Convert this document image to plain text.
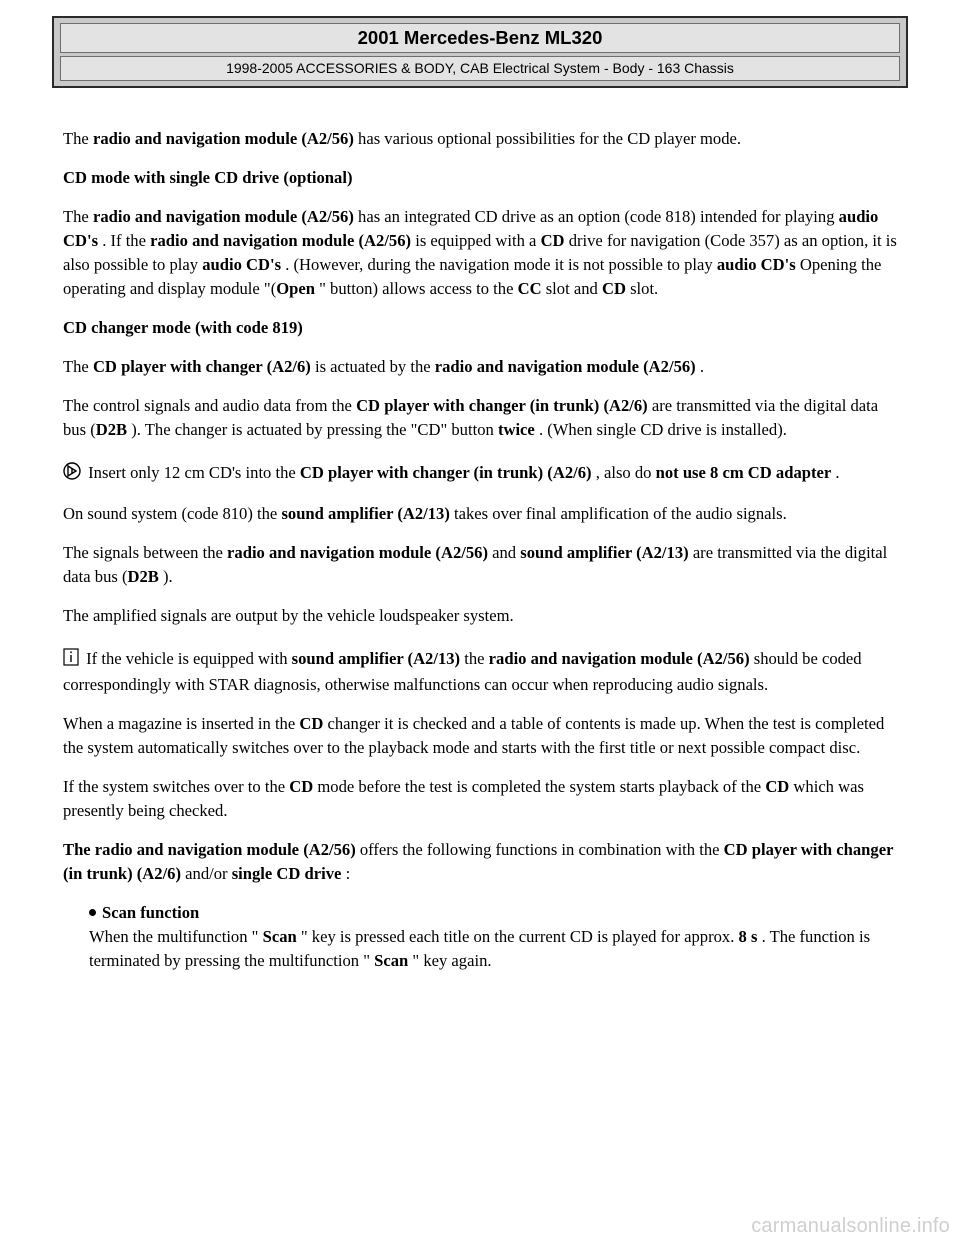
2001 Mercedes-Benz ML320
1998-2005 ACCESSORIES & BODY, CAB Electrical System - Body - 163 Chassis

The radio and navigation module (A2/56) has various optional possibilities for the CD player mode.

CD mode with single CD drive (optional)

The radio and navigation module (A2/56) has an integrated CD drive as an option (code 818) intended for playing audio CD's . If the radio and navigation module (A2/56) is equipped with a CD drive for navigation (Code 357) as an option, it is also possible to play audio CD's . (However, during the navigation mode it is not possible to play audio CD's Opening the operating and display module "(Open " button) allows access to the CC slot and CD slot.

CD changer mode (with code 819)

The CD player with changer (A2/6) is actuated by the radio and navigation module (A2/56) .

The control signals and audio data from the CD player with changer (in trunk) (A2/6) are transmitted via the digital data bus (D2B ). The changer is actuated by pressing the "CD" button twice . (When single CD drive is installed).

Insert only 12 cm CD's into the CD player with changer (in trunk) (A2/6) , also do not use 8 cm CD adapter .

On sound system (code 810) the sound amplifier (A2/13) takes over final amplification of the audio signals.

The signals between the radio and navigation module (A2/56) and sound amplifier (A2/13) are transmitted via the digital data bus (D2B ).

The amplified signals are output by the vehicle loudspeaker system.

If the vehicle is equipped with sound amplifier (A2/13) the radio and navigation module (A2/56) should be coded correspondingly with STAR diagnosis, otherwise malfunctions can occur when reproducing audio signals.

When a magazine is inserted in the CD changer it is checked and a table of contents is made up. When the test is completed the system automatically switches over to the playback mode and starts with the first title or next possible compact disc.

If the system switches over to the CD mode before the test is completed the system starts playback of the CD which was presently being checked.

The radio and navigation module (A2/56) offers the following functions in combination with the CD player with changer (in trunk) (A2/6) and/or single CD drive :

Scan function

When the multifunction " Scan " key is pressed each title on the current CD is played for approx. 8 s . The function is terminated by pressing the multifunction " Scan " key again.

carmanualsonline.info
